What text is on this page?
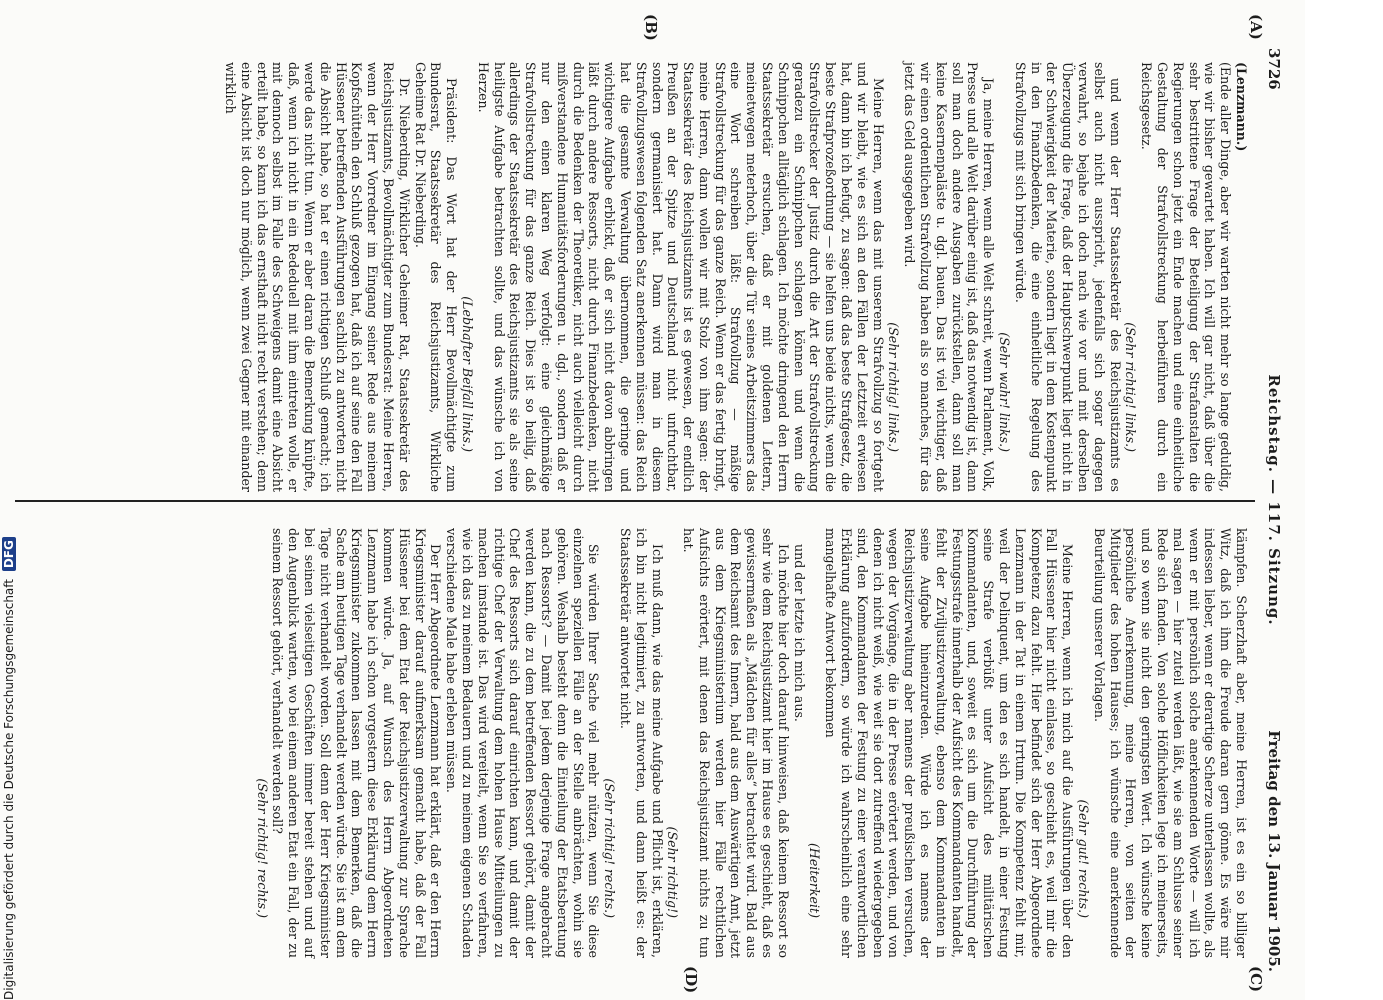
3726
Reichstag. — 117. Sitzung.
Freitag den 13. Januar 1905.
(A)
(B)
(C)
(D)

(Lenzmann.)

(Ende aller Dinge, aber wir warten nicht mehr so lange geduldig, wie wir bisher gewartet haben. Ich will gar nicht, daß über die sehr bestrittene Frage der Beteiligung der Strafanstalten die Regierungen schon jetzt ein Ende machen und eine einheitliche Gestaltung der Strafvollstreckung herbeiführen durch ein Reichsgesetz.

(Sehr richtig! links.)

und wenn der Herr Staatssekretär des Reichsjustizamts es selbst auch nicht ausspricht, jedenfalls sich sogar dagegen verwahrt, so bejahe ich doch nach wie vor und mit derselben Überzeugung die Frage, daß der Hauptschwerpunkt liegt nicht in der Schwierigkeit der Materie, sondern liegt in dem Kostenpunkt in den Finanzbedenken, die eine einheitliche Regelung des Strafvollzugs mit sich bringen würde.

(Sehr wahr! links.)

Ja, meine Herren, wenn alle Welt schreit, wenn Parlament, Volk, Presse und alle Welt darüber einig ist, daß das notwendig ist, dann soll man doch andere Ausgaben zurückstellen, dann soll man keine Kasernenpaläste u. dgl. bauen. Das ist viel wichtiger, daß wir einen ordentlichen Strafvollzug haben als so manches, für das jetzt das Geld ausgegeben wird.

(Sehr richtig! links.)

Meine Herren, wenn das mit unserem Strafvollzug so fortgeht und wir bleibt, wie es sich an den Fällen der Letztzeit erwiesen hat, dann bin ich befugt, zu sagen: daß das beste Strafgesetz, die beste Strafprozeßordnung — sie helfen uns beide nichts, wenn die Strafvollstrecker der Justiz durch die Art der Strafvollstreckung geradezu ein Schnippchen schlagen können und wenn die Schnippchen alltäglich schlagen. Ich möchte dringend den Herrn Staatssekretär ersuchen, daß er mit goldenen Lettern, meinetwegen meterhoch, über die Tür seines Arbeitszimmers das eine Wort schreiben läßt: Strafvollzug — mäßige Strafvollstreckung für das ganze Reich. Wenn er das fertig bringt, meine Herren, dann wollen wir mit Stolz von ihm sagen: der Staatssekretär des Reichsjustizamts ist es gewesen, der endlich Preußen an der Spitze und Deutschland nicht unfruchtbar, sondern germanisiert hat. Dann wird man in diesem Strafvollzugswesen folgenden Satz anerkennen müssen: das Reich hat die gesamte Verwaltung übernommen, die geringe und wichtigere Aufgabe erblickt, daß er sich nicht davon abbringen läßt durch andere Ressorts, nicht durch Finanzbedenken, nicht durch die Bedenken der Theoretiker, nicht auch vielleicht durch mißverstandene Humanitätsforderungen u. dgl., sondern daß er nur den einen klaren Weg verfolgt: eine gleichmäßige Strafvollstreckung für das ganze Reich. Dies ist so heilig, daß allerdings der Staatssekretär des Reichsjustizamts sie als seine heiligste Aufgabe betrachten sollte, und das wünsche ich von Herzen.

(Lebhafter Beifall links.)

Präsident: Das Wort hat der Herr Bevollmächtigte zum Bundesrat, Staatssekretär des Reichsjustizamts, Wirkliche Geheime Rat Dr. Nieberding.

Dr. Nieberding, Wirklicher Geheimer Rat, Staatssekretär des Reichsjustizamts, Bevollmächtigter zum Bundesrat: Meine Herren, wenn der Herr Vorredner im Eingang seiner Rede aus meinem Kopfschütteln den Schluß gezogen hat, daß ich auf seine den Fall Hüssener betreffenden Ausführungen sachlich zu antworten nicht die Absicht habe, so hat er einen richtigen Schluß gemacht; ich werde das nicht tun. Wenn er aber daran die Bemerkung knüpfte, daß, wenn ich nicht in ein Rededuell mit ihm eintreten wolle, er mit dennoch selbst im Falle des Schweigens damit eine Absicht erteilt habe, so kann ich das ernsthaft nicht recht verstehen; denn eine Absicht ist doch nur möglich, wenn zwei Gegner mit einander wirklich

kämpfen. Scherzhaft aber, meine Herren, ist es ein so billiger Witz, daß ich ihm die Freude daran gern gönne. Es wäre mir indessen lieber, wenn er derartige Scherze unterlassen wollte, als wenn er mit persönlich solche anerkennenden Worte — will ich mal sagen — hier zuteil werden läßt, wie sie am Schlusse seiner Rede sich fanden. Von solche Höflichkeiten lege ich meinerseits, und so wenn sie nicht den geringsten Wert. Ich wünsche keine persönliche Anerkennung, meine Herren, von seiten der Mitglieder des hohen Hauses; ich wünsche eine anerkennende Beurteilung unserer Vorlagen.

(Sehr gut! rechts.)

Meine Herren, wenn ich mich auf die Ausführungen über den Fall Hüssener hier nicht einlasse, so geschieht es, weil mir die Kompetenz dazu fehlt. Hier befindet sich der Herr Abgeordnete Lenzmann in der Tat in einem Irrtum. Die Kompetenz fehlt mir, weil der Delinquent, um den es sich handelt, in einer Festung seine Strafe verbüßt unter Aufsicht des militärischen Kommandanten, und, soweit es sich um die Durchführung der Festungsstrafe innerhalb der Aufsicht des Kommandanten handelt, fehlt der Ziviljustizverwaltung, ebenso dem Kommandanten in seine Aufgabe hineinzureden. Würde ich es namens der Reichsjustizverwaltung aber namens der preußischen versuchen, wegen der Vorgänge, die in der Presse erörtert werden, und von denen ich nicht weiß, wie weit sie dort zutreffend wiedergegeben sind, den Kommandanten der Festung zu einer verantwortlichen Erklärung aufzufordern, so würde ich wahrscheinlich eine sehr mangelhafte Antwort bekommen

(Heiterkeit)

und der letzte ich mich aus.

Ich möchte hier doch darauf hinweisen, daß keinem Ressort so sehr wie dem Reichsjustizamt hier im Hause es geschieht, daß es gewissermaßen als „Mädchen für alles“ betrachtet wird. Bald aus dem Reichsamt des Innern, bald aus dem Auswärtigen Amt, jetzt aus dem Kriegsministerium werden hier Fälle rechtlichen Aufsichts erörtert, mit denen das Reichsjustizamt nichts zu tun hat.

(Sehr richtig!)

Ich muß dann, wie das meine Aufgabe und Pflicht ist, erklären, ich bin nicht legitimiert, zu antworten, und dann heißt es: der Staatssekretär antwortet nicht.

(Sehr richtig! rechts.)

Sie würden Ihrer Sache viel mehr nützen, wenn Sie diese einzelnen speziellen Fälle an der Stelle anbrächten, wohin sie gehören. Weshalb besteht denn die Einteilung der Etatsberatung nach Ressorts? — Damit bei jedem derjenige Frage angebracht werden kann, die zu dem betreffenden Ressort gehört, damit der Chef des Ressorts sich darauf einrichten kann, und damit der richtige Chef der Verwaltung dem hohen Hause Mitteilungen zu machen imstande ist. Das wird vereitelt, wenn Sie so verfahren, wie ich das zu meinem Bedauern und zu meinem eigenen Schaden verschiedene Male habe erleben müssen.

Der Herr Abgeordnete Lenzmann hat erklärt, daß er den Herrn Kriegsminister darauf aufmerksam gemacht habe, daß der Fall Hüssener bei dem Etat der Reichsjustizverwaltung zur Sprache kommen würde. Ja, auf Wunsch des Herrn Abgeordneten Lenzmann habe ich schon vorgestern diese Erklärung dem Herrn Kriegsminister zukommen lassen mit dem Bemerken, daß die Sache am heutigen Tage verhandelt werden würde. Sie ist am dem Tage nicht verhandelt worden. Soll denn der Herr Kriegsminister bei seinen vielseitigen Geschäften immer bereit stehen und auf den Augenblick warten, wo bei einem anderen Etat ein Fall, der zu seinem Ressort gehört, verhandelt werden soll?

(Sehr richtig! rechts.)

Digitalisierung gefördert durch die Deutsche Forschungsgemeinschaft DFG
